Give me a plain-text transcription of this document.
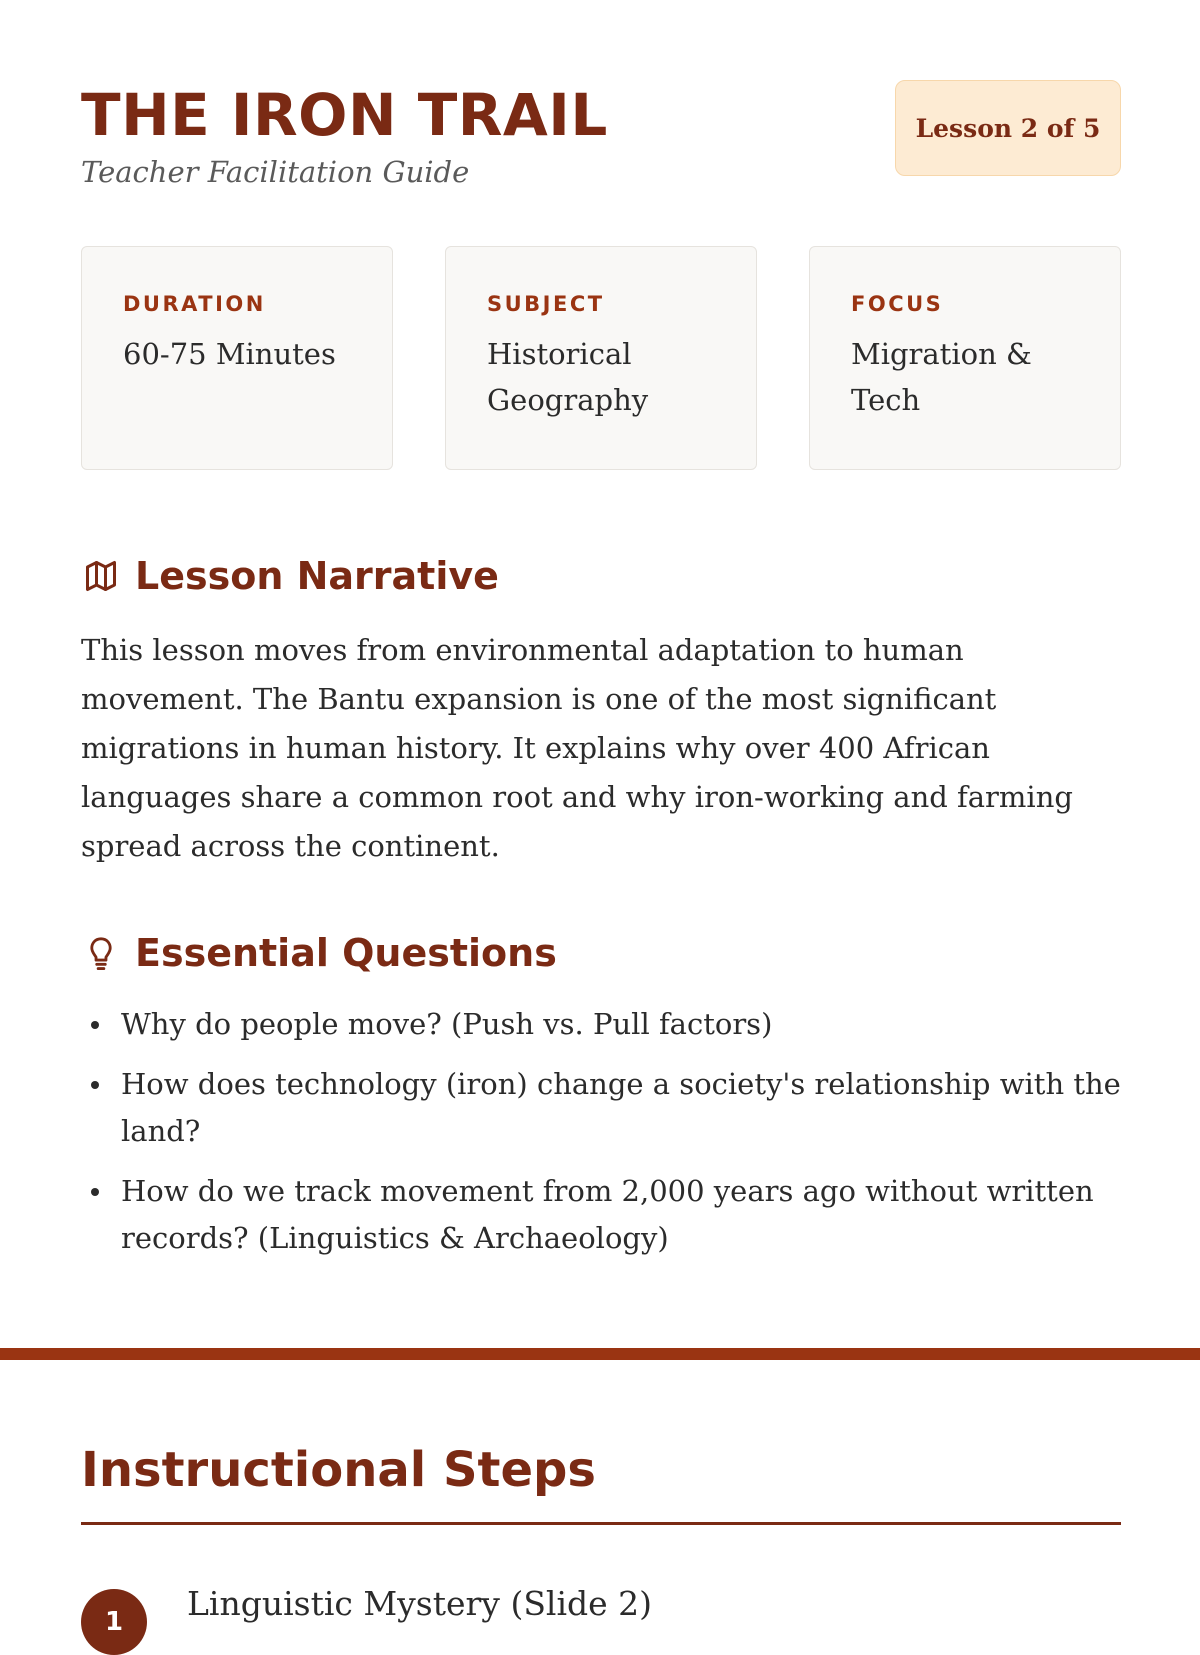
THE IRON TRAIL
Teacher Facilitation Guide
Lesson 2 of 5
DURATION
60-75 Minutes
SUBJECT
Historical Geography
FOCUS
Migration & Tech
Lesson Narrative

This lesson moves from environmental adaptation to human movement. The Bantu expansion is one of the most significant migrations in human history. It explains why over 400 African languages share a common root and why iron-working and farming spread across the continent.

Essential Questions
Why do people move? (Push vs. Pull factors)
How does technology (iron) change a society's relationship with the land?
How do we track movement from 2,000 years ago without written records? (Linguistics & Archaeology)
Instructional Steps
1	Linguistic Mystery (Slide 2)
